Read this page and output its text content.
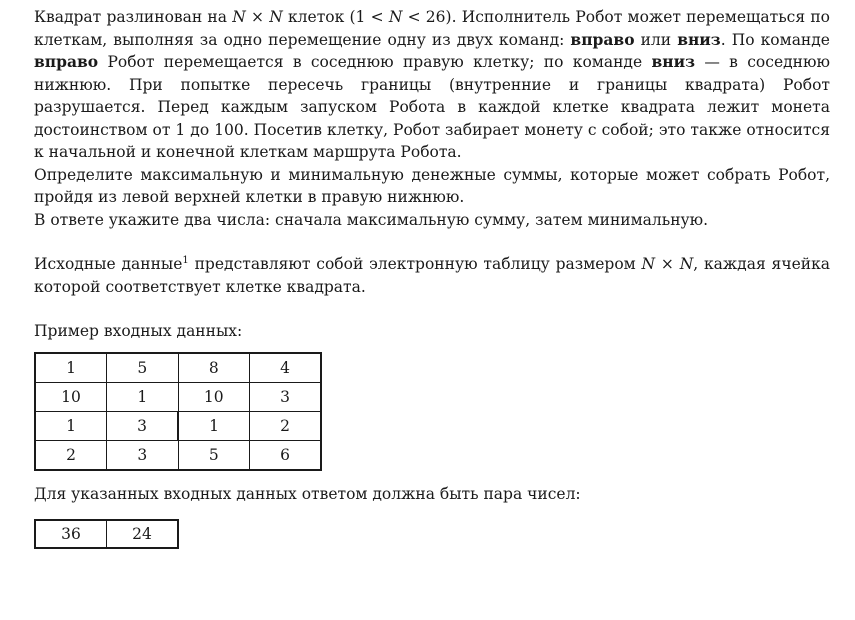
Квадрат разлинован на N × N клеток (1 < N < 26). Исполнитель Робот может перемещаться по клеткам, выполняя за одно перемещение одну из двух команд: вправо или вниз. По команде вправо Робот перемещается в соседнюю правую клетку; по команде вниз — в соседнюю нижнюю. При попытке пересечь границы (внутренние и границы квадрата) Робот разрушается. Перед каждым запуском Робота в каждой клетке квадрата лежит монета достоинством от 1 до 100. Посетив клетку, Робот забирает монету с собой; это также относится к начальной и конечной клеткам маршрута Робота.

Определите максимальную и минимальную денежные суммы, которые может собрать Робот, пройдя из левой верхней клетки в правую нижнюю.

В ответе укажите два числа: сначала максимальную сумму, затем минимальную.

Исходные данные$^1$ представляют собой электронную таблицу размером N × N, каждая ячейка которой соответствует клетке квадрата.

Пример входных данных:
1	5	8	4
10	1	10	3
1	3	1	2
2	3	5	6
Для указанных входных данных ответом должна быть пара чисел:
36	24
